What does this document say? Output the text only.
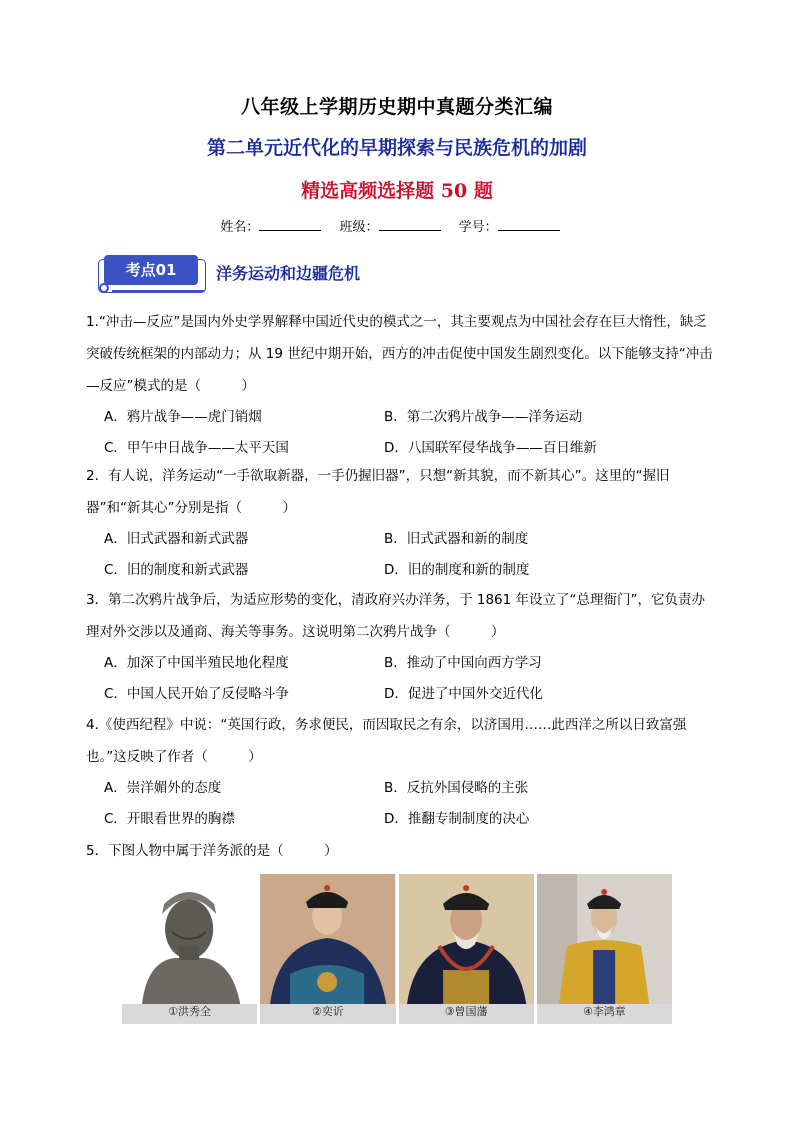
八年级上学期历史期中真题分类汇编
第二单元近代化的早期探索与民族危机的加剧
精选高频选择题 50 题
姓名：	班级：	学号：
考点01	洋务运动和边疆危机
1.“冲击—反应”是国内外史学界解释中国近代史的模式之一，其主要观点为中国社会存在巨大惰性，缺乏突破传统框架的内部动力；从 19 世纪中期开始，西方的冲击促使中国发生剧烈变化。以下能够支持“冲击—反应”模式的是（　　　）
A．鸦片战争——虎门销烟	B．第二次鸦片战争——洋务运动
C．甲午中日战争——太平天国	D．八国联军侵华战争——百日维新
2．有人说，洋务运动“一手欲取新器，一手仍握旧器”，只想“新其貌，而不新其心”。这里的“握旧器”和“新其心”分别是指（　　　）
A．旧式武器和新式武器	B．旧式武器和新的制度
C．旧的制度和新式武器	D．旧的制度和新的制度
3．第二次鸦片战争后，为适应形势的变化，清政府兴办洋务，于 1861 年设立了“总理衙门”，它负责办理对外交涉以及通商、海关等事务。这说明第二次鸦片战争（　　　）
A．加深了中国半殖民地化程度	B．推动了中国向西方学习
C．中国人民开始了反侵略斗争	D．促进了中国外交近代化
4.《使西纪程》中说：“英国行政，务求便民，而因取民之有余，以济国用……此西洋之所以日致富强也。”这反映了作者（　　　）
A．崇洋媚外的态度	B．反抗外国侵略的主张
C．开眼看世界的胸襟	D．推翻专制制度的决心
5．下图人物中属于洋务派的是（　　　）
①洪秀全	②奕䜣	③曾国藩	④李鸿章
